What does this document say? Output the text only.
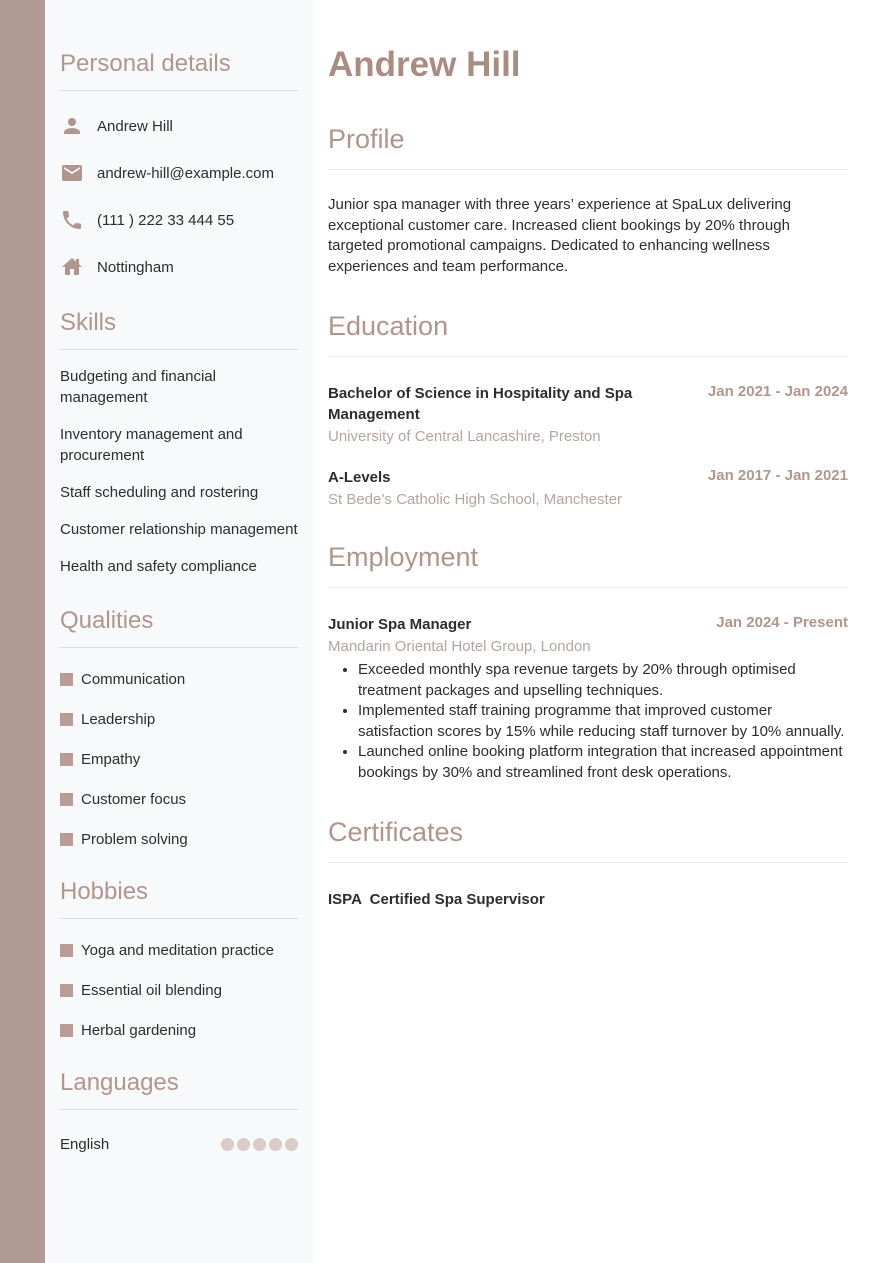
Personal details
Andrew Hill
andrew-hill@example.com
(111 ) 222 33 444 55
Nottingham
Skills
Budgeting and financial management
Inventory management and procurement
Staff scheduling and rostering
Customer relationship management
Health and safety compliance
Qualities
Communication
Leadership
Empathy
Customer focus
Problem solving
Hobbies
Yoga and meditation practice
Essential oil blending
Herbal gardening
Languages
English
Andrew Hill
Profile

Junior spa manager with three years’ experience at SpaLux delivering exceptional customer care. Increased client bookings by 20% through targeted promotional campaigns. Dedicated to enhancing wellness experiences and team performance.

Education
Bachelor of Science in Hospitality and Spa Management
Jan 2021 - Jan 2024
University of Central Lancashire, Preston
A-Levels	Jan 2017 - Jan 2021
St Bede’s Catholic High School, Manchester
Employment
Junior Spa Manager	Jan 2024 - Present
Mandarin Oriental Hotel Group, London
• Exceeded monthly spa revenue targets by 20% through optimised treatment packages and upselling techniques.
• Implemented staff training programme that improved customer satisfaction scores by 15% while reducing staff turnover by 10% annually.
• Launched online booking platform integration that increased appointment bookings by 30% and streamlined front desk operations.
Certificates
ISPA  Certified Spa Supervisor
